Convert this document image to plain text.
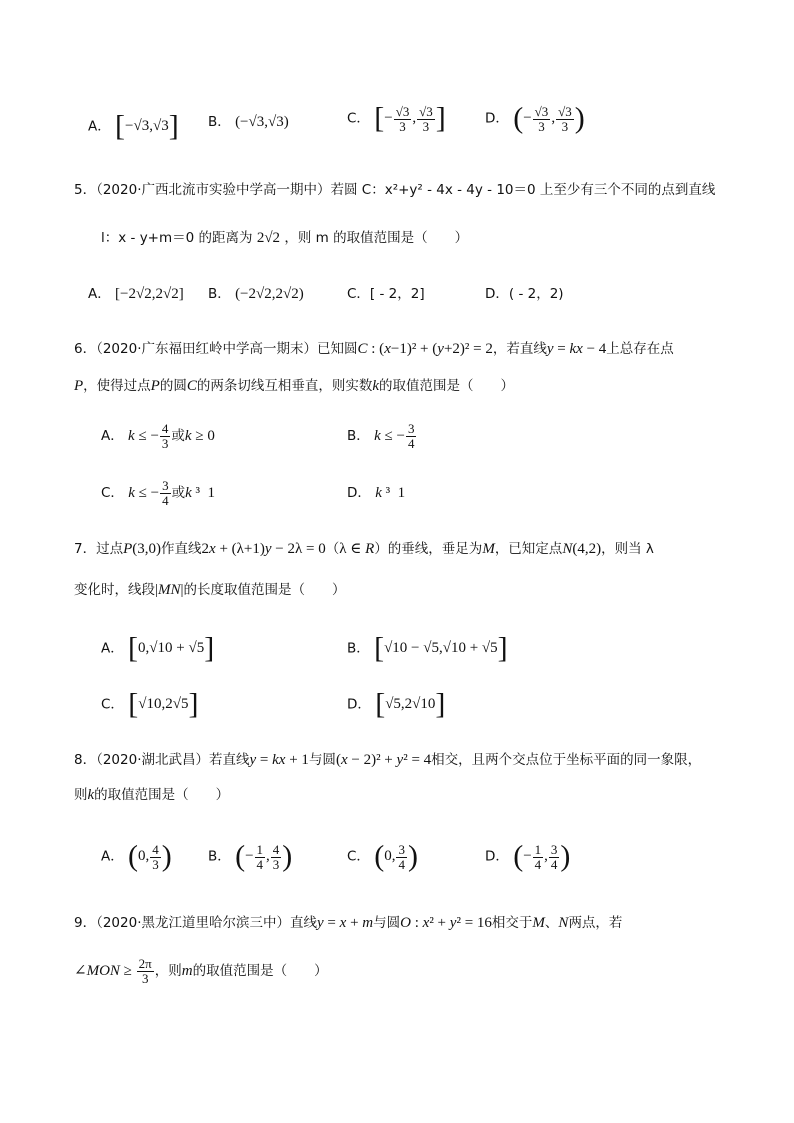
A． [−√3,√3] B． (−√3,√3)	C． [− $\frac{√3}{3}$ , $\frac{√3}{3}$ ]	D． (− $\frac{√3}{3}$ , $\frac{√3}{3}$ )
5．（2020·广西北流市实验中学高一期中）若圆 C：x²+y² - 4x - 4y - 10＝0 上至少有三个不同的点到直线
l：x - y+m＝0 的距离为 2√2 ，则 m 的取值范围是（　　）
A． [−2√2,2√2] B． (−2√2,2√2)	C．[ - 2，2]	D．( - 2，2)
6．（2020·广东福田红岭中学高一期末）已知圆C : (x−1)² + (y+2)² = 2，若直线y = kx − 4上总存在点
P，使得过点P的圆C的两条切线互相垂直，则实数k的取值范围是（　　）
A． k ≤ − $\frac{4}{3}$ 或k ≥ 0	B． k ≤ − $\frac{3}{4}$
C． k ≤ − $\frac{3}{4}$ 或k ³  1	D． k ³  1
7．过点P(3,0)作直线2x + (λ+1)y − 2λ = 0（λ ∈ R）的垂线，垂足为M，已知定点N(4,2)，则当 λ
变化时，线段|MN|的长度取值范围是（　　）
A． [0,√10 + √5]	B． [√10 − √5,√10 + √5]
C． [√10,2√5]	D． [√5,2√10]
8．（2020·湖北武昌）若直线y = kx + 1与圆(x − 2)² + y² = 4相交，且两个交点位于坐标平面的同一象限，
则k的取值范围是（　　）
A． (0, $\frac{4}{3}$ )	B． (− $\frac{1}{4}$ , $\frac{4}{3}$ )	C． (0, $\frac{3}{4}$ )	D． (− $\frac{1}{4}$ , $\frac{3}{4}$ )
9．（2020·黑龙江道里哈尔滨三中）直线y = x + m与圆O : x² + y² = 16相交于M、N两点，若
∠MON ≥ $\frac{2\pi}{3}$ ，则m的取值范围是（　　）
